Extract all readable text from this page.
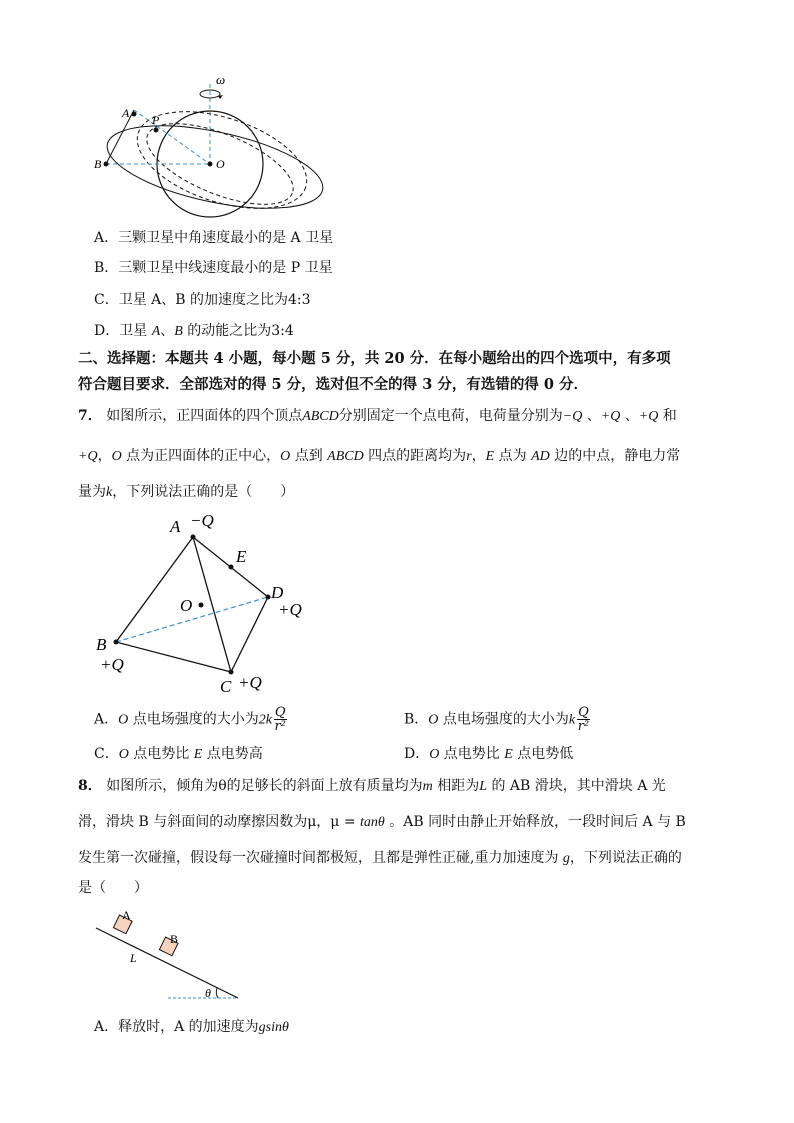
ω
A P
B	O
A．三颗卫星中角速度最小的是 A 卫星
B．三颗卫星中线速度最小的是 P 卫星
C．卫星 A、B 的加速度之比为4:3
D．卫星 A、B 的动能之比为3:4
二、选择题：本题共 4 小题，每小题 5 分，共 20 分．在每小题给出的四个选项中，有多项
符合题目要求．全部选对的得 5 分，选对但不全的得 3 分，有选错的得 0 分．
7． 如图所示，正四面体的四个顶点ABCD分别固定一个点电荷，电荷量分别为−Q 、+Q 、+Q 和
+Q，O 点为正四面体的正中心，O 点到 ABCD 四点的距离均为r，E 点为 AD 边的中点，静电力常
量为k，下列说法正确的是（　　）
A −Q
E
O
D
+Q
B
+Q
C +Q
A．O 点电场强度的大小为$2k \frac{Q}{\text{r²}}$	B．O 点电场强度的大小为k $\frac{Q}{\text{r²}}$
C．O 点电势比 E 点电势高	D．O 点电势比 E 点电势低
8． 如图所示，倾角为θ的足够长的斜面上放有质量均为m 相距为L 的 AB 滑块，其中滑块 A 光
滑，滑块 B 与斜面间的动摩擦因数为μ，μ = tanθ 。AB 同时由静止开始释放，一段时间后 A 与 B
发生第一次碰撞，假设每一次碰撞时间都极短，且都是弹性正碰,重力加速度为 g，下列说法正确的
是（　　）
A
B
L
θ
A．释放时，A 的加速度为gsinθ
